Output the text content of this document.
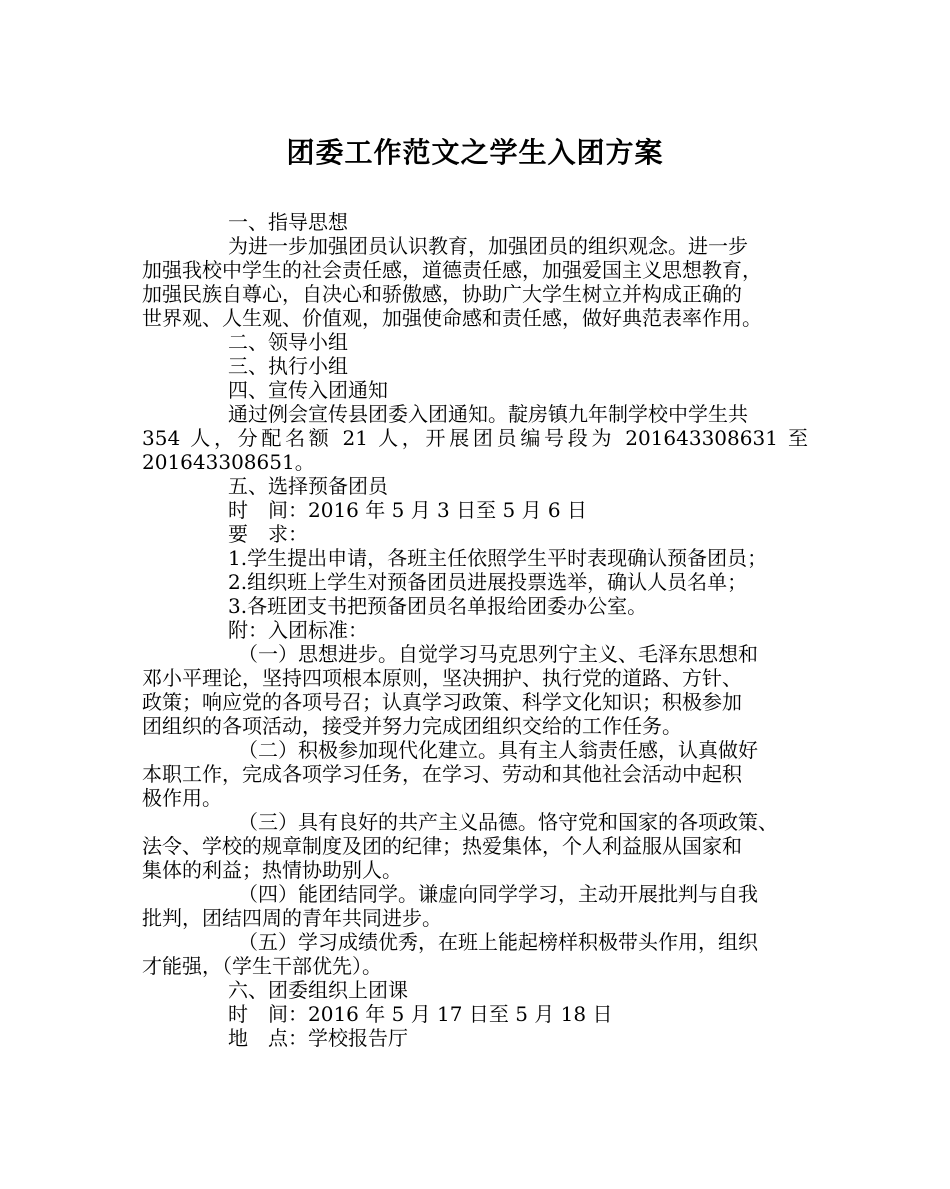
团委工作范文之学生入团方案
一、指导思想
为进一步加强团员认识教育，加强团员的组织观念。进一步
加强我校中学生的社会责任感，道德责任感，加强爱国主义思想教育，
加强民族自尊心，自决心和骄傲感，协助广大学生树立并构成正确的
世界观、人生观、价值观，加强使命感和责任感，做好典范表率作用。
二、领导小组
三、执行小组
四、宣传入团通知
通过例会宣传县团委入团通知。靛房镇九年制学校中学生共
354 人，分配名额 21 人，开展团员编号段为 201643308631 至
201643308651。
五、选择预备团员
时　间：2016 年 5 月 3 日至 5 月 6 日
要　求：
1.学生提出申请，各班主任依照学生平时表现确认预备团员；
2.组织班上学生对预备团员进展投票选举，确认人员名单；
3.各班团支书把预备团员名单报给团委办公室。
附：入团标准：
（一）思想进步。自觉学习马克思列宁主义、毛泽东思想和
邓小平理论，坚持四项根本原则，坚决拥护、执行党的道路、方针、
政策；响应党的各项号召；认真学习政策、科学文化知识；积极参加
团组织的各项活动，接受并努力完成团组织交给的工作任务。
（二）积极参加现代化建立。具有主人翁责任感，认真做好
本职工作，完成各项学习任务，在学习、劳动和其他社会活动中起积
极作用。
（三）具有良好的共产主义品德。恪守党和国家的各项政策、
法令、学校的规章制度及团的纪律；热爱集体，个人利益服从国家和
集体的利益；热情协助别人。
（四）能团结同学。谦虚向同学学习，主动开展批判与自我
批判，团结四周的青年共同进步。
（五）学习成绩优秀，在班上能起榜样积极带头作用，组织
才能强，（学生干部优先）。
六、团委组织上团课
时　间：2016 年 5 月 17 日至 5 月 18 日
地　点：学校报告厅
